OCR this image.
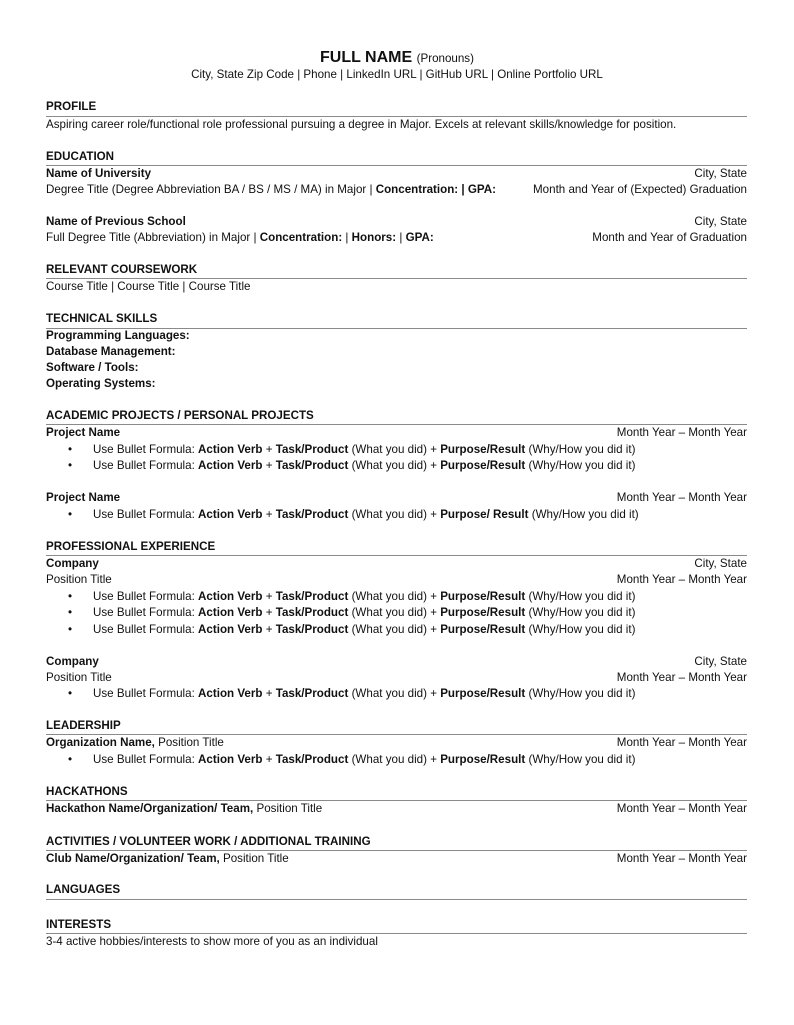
FULL NAME (Pronouns)
City, State Zip Code | Phone | LinkedIn URL | GitHub URL | Online Portfolio URL
PROFILE
Aspiring career role/functional role professional pursuing a degree in Major. Excels at relevant skills/knowledge for position.
EDUCATION
Name of University	City, State
Degree Title (Degree Abbreviation BA / BS / MS / MA) in Major | Concentration: | GPA:	Month and Year of (Expected) Graduation
Name of Previous School	City, State
Full Degree Title (Abbreviation) in Major | Concentration: | Honors: | GPA:	Month and Year of Graduation
RELEVANT COURSEWORK
Course Title | Course Title | Course Title
TECHNICAL SKILLS
Programming Languages:
Database Management:
Software / Tools:
Operating Systems:
ACADEMIC PROJECTS / PERSONAL PROJECTS
Project Name	Month Year – Month Year
• Use Bullet Formula: Action Verb + Task/Product (What you did) + Purpose/Result (Why/How you did it)
• Use Bullet Formula: Action Verb + Task/Product (What you did) + Purpose/Result (Why/How you did it)
Project Name	Month Year – Month Year
• Use Bullet Formula: Action Verb + Task/Product (What you did) + Purpose/ Result (Why/How you did it)
PROFESSIONAL EXPERIENCE
Company	City, State
Position Title	Month Year – Month Year
• Use Bullet Formula: Action Verb + Task/Product (What you did) + Purpose/Result (Why/How you did it)
• Use Bullet Formula: Action Verb + Task/Product (What you did) + Purpose/Result (Why/How you did it)
• Use Bullet Formula: Action Verb + Task/Product (What you did) + Purpose/Result (Why/How you did it)
Company	City, State
Position Title	Month Year – Month Year
• Use Bullet Formula: Action Verb + Task/Product (What you did) + Purpose/Result (Why/How you did it)
LEADERSHIP
Organization Name, Position Title	Month Year – Month Year
• Use Bullet Formula: Action Verb + Task/Product (What you did) + Purpose/Result (Why/How you did it)
HACKATHONS
Hackathon Name/Organization/ Team, Position Title	Month Year – Month Year
ACTIVITIES / VOLUNTEER WORK / ADDITIONAL TRAINING
Club Name/Organization/ Team, Position Title	Month Year – Month Year
LANGUAGES
INTERESTS
3-4 active hobbies/interests to show more of you as an individual
